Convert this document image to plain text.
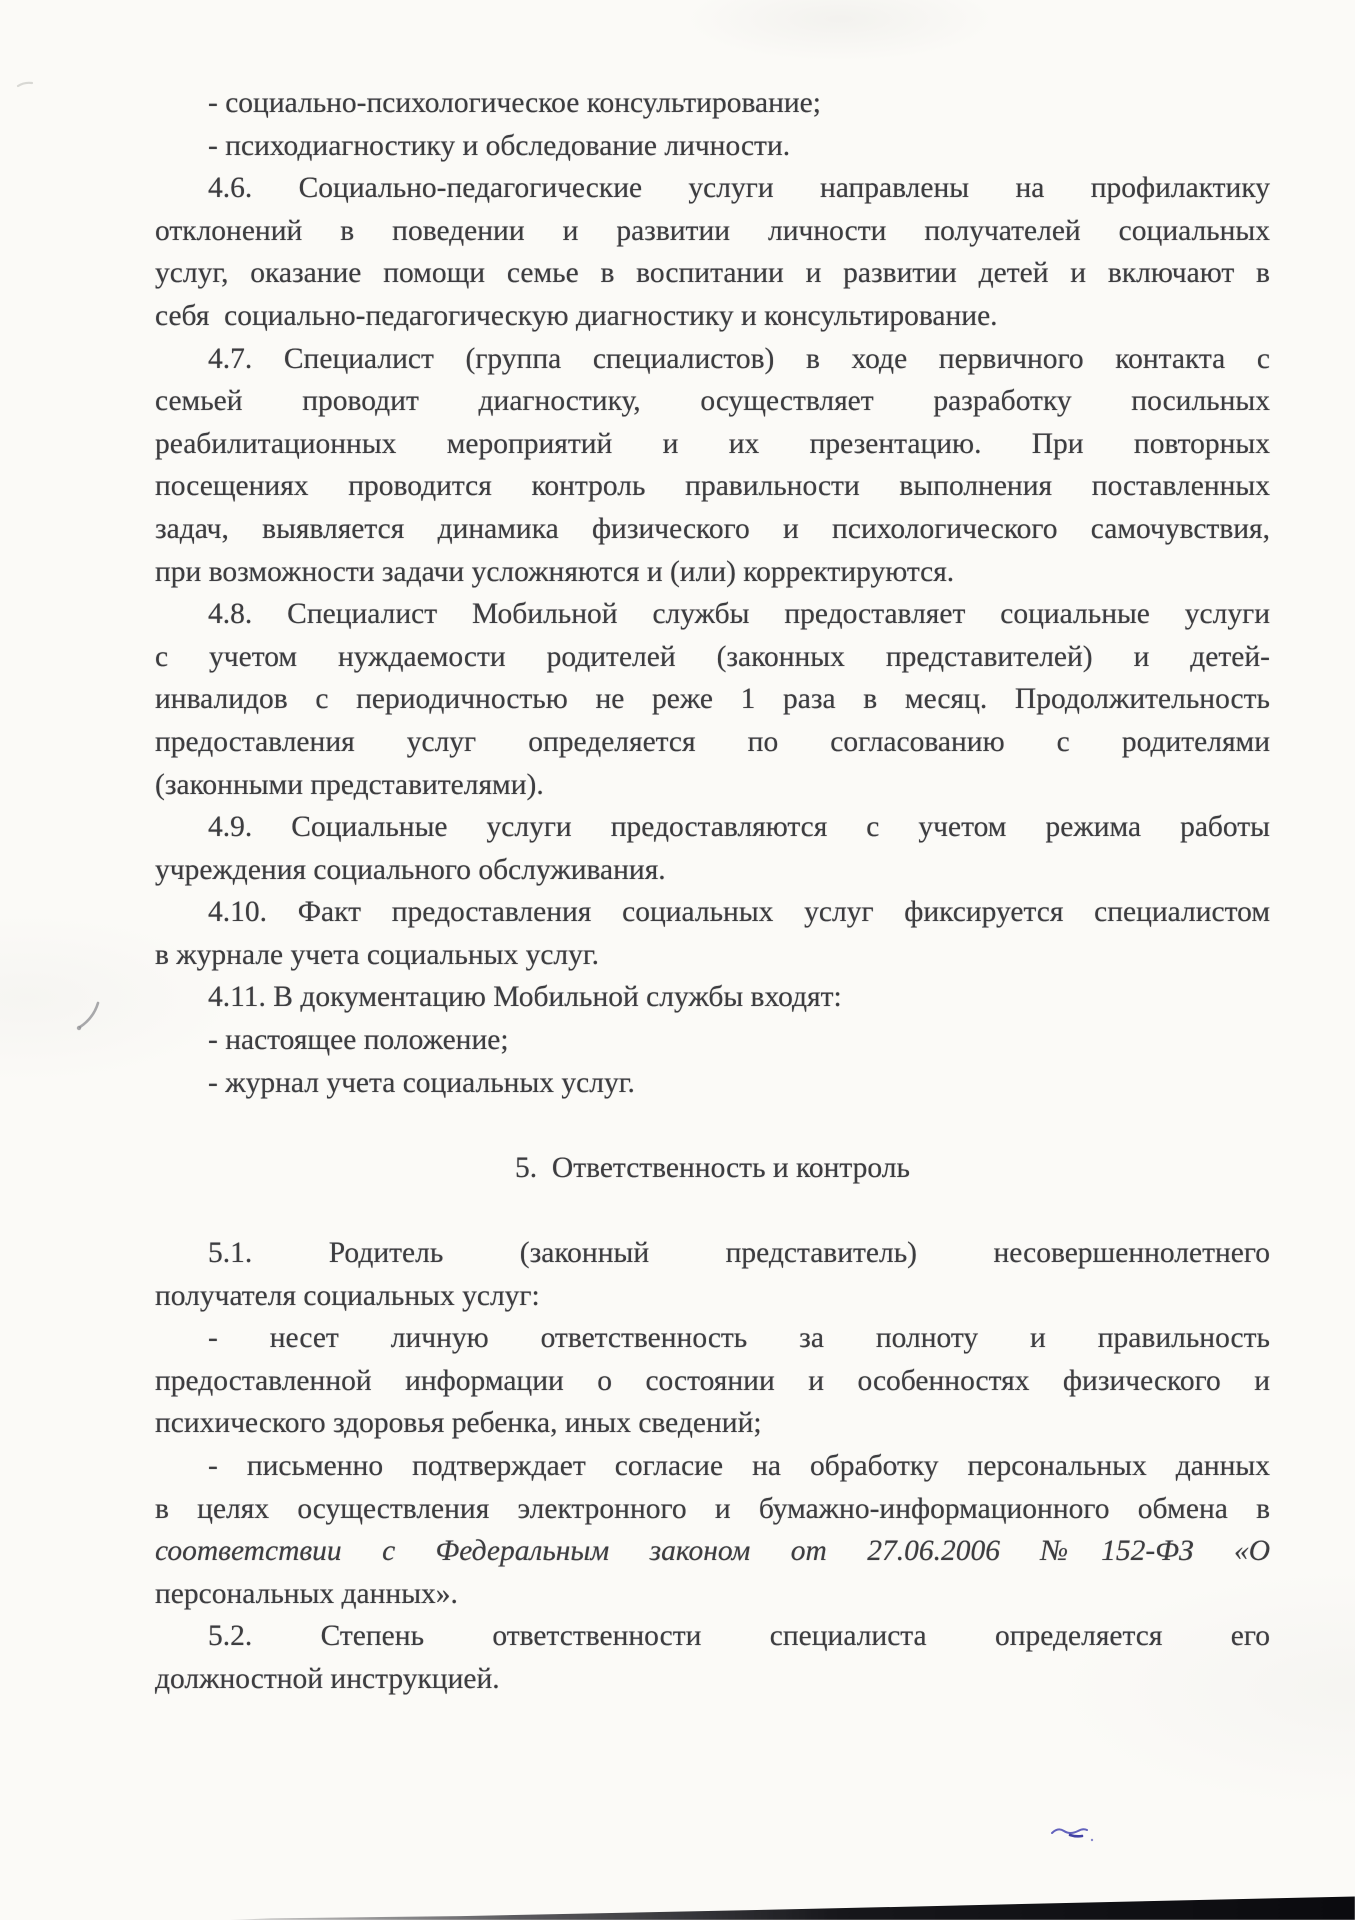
- социально-психологическое консультирование;
- психодиагностику и обследование личности.
4.6. Социально-педагогические услуги направлены на профилактику
отклонений в поведении и развитии личности получателей социальных
услуг, оказание помощи семье в воспитании и развитии детей и включают в
себя  социально-педагогическую диагностику и консультирование.
4.7. Специалист (группа специалистов) в ходе первичного контакта с
семьей проводит диагностику, осуществляет разработку посильных
реабилитационных мероприятий и их презентацию. При повторных
посещениях проводится контроль правильности выполнения поставленных
задач, выявляется динамика физического и психологического самочувствия,
при возможности задачи усложняются и (или) корректируются.
4.8. Специалист Мобильной службы предоставляет социальные услуги
с учетом нуждаемости родителей (законных представителей) и детей-
инвалидов с периодичностью не реже 1 раза в месяц. Продолжительность
предоставления услуг определяется по согласованию с родителями
(законными представителями).
4.9. Социальные услуги предоставляются с учетом режима работы
учреждения социального обслуживания.
4.10. Факт предоставления социальных услуг фиксируется специалистом
в журнале учета социальных услуг.
4.11. В документацию Мобильной службы входят:
- настоящее положение;
- журнал учета социальных услуг.
5.  Ответственность и контроль
5.1. Родитель (законный представитель) несовершеннолетнего
получателя социальных услуг:
- несет личную ответственность за полноту и правильность
предоставленной информации о состоянии и особенностях физического и
психического здоровья ребенка, иных сведений;
- письменно подтверждает согласие на обработку персональных данных
в целях осуществления электронного и бумажно-информационного обмена в
соответствии с Федеральным законом от 27.06.2006 №152-ФЗ «О
персональных данных».
5.2. Степень ответственности специалиста определяется его
должностной инструкцией.
